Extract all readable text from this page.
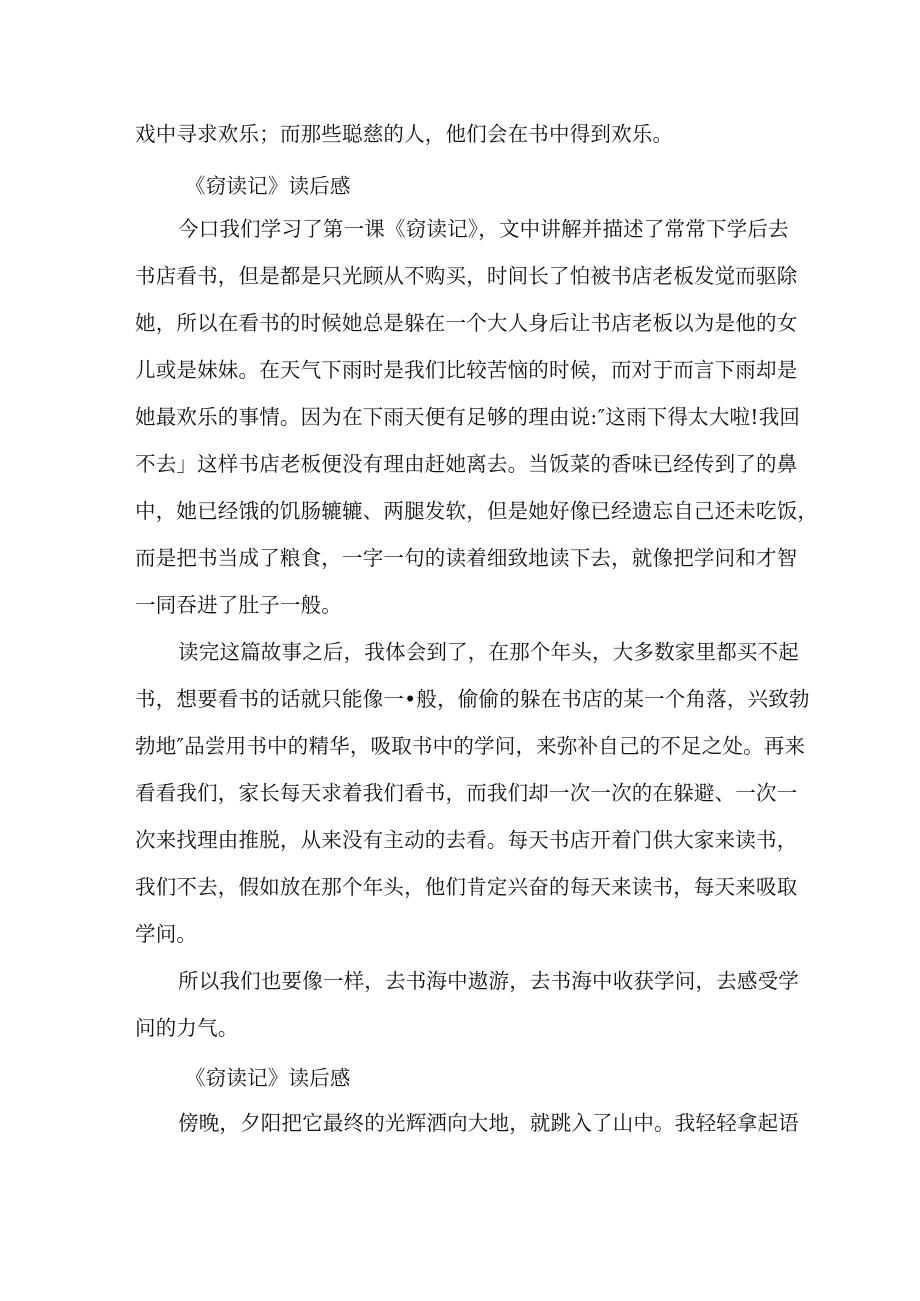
戏中寻求欢乐；而那些聪慈的人，他们会在书中得到欢乐。
《窃读记》读后感
今口我们学习了第一课《窃读记》，文中讲解并描述了常常下学后去
书店看书，但是都是只光顾从不购买，时间长了怕被书店老板发觉而驱除
她，所以在看书的时候她总是躲在一个大人身后让书店老板以为是他的女
儿或是妹妹。在天气下雨时是我们比较苦恼的时候，而对于而言下雨却是
她最欢乐的事情。因为在下雨天便有足够的理由说:″这雨下得太大啦!我回
不去」这样书店老板便没有理由赶她离去。当饭菜的香味已经传到了的鼻
中，她已经饿的饥肠辘辘、两腿发软，但是她好像已经遗忘自己还未吃饭，
而是把书当成了粮食，一字一句的读着细致地读下去，就像把学问和才智
一同吞进了肚子一般。
读完这篇故事之后，我体会到了，在那个年头，大多数家里都买不起
书，想要看书的话就只能像一•般，偷偷的躲在书店的某一个角落，兴致勃
勃地″品尝用书中的精华，吸取书中的学问，来弥补自己的不足之处。再来
看看我们，家长每天求着我们看书，而我们却一次一次的在躲避、一次一
次来找理由推脱，从来没有主动的去看。每天书店开着门供大家来读书，
我们不去，假如放在那个年头，他们肯定兴奋的每天来读书，每天来吸取
学问。
所以我们也要像一样，去书海中遨游，去书海中收获学问，去感受学
问的力气。
《窃读记》读后感
傍晚，夕阳把它最终的光辉洒向大地，就跳入了山中。我轻轻拿起语
